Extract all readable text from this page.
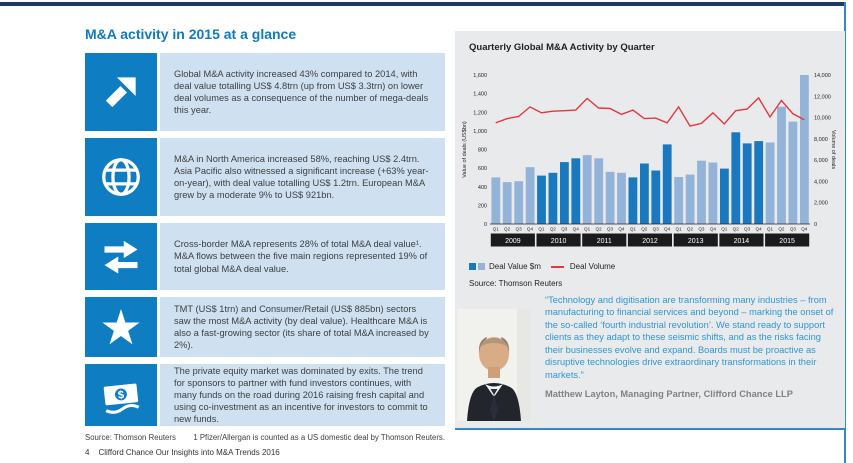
M&A activity in 2015 at a glance
Global M&A activity increased 43% compared to 2014, with deal value totalling US$ 4.8trn (up from US$ 3.3trn) on lower deal volumes as a consequence of the number of mega-deals this year.
M&A in North America increased 58%, reaching US$ 2.4trn. Asia Pacific also witnessed a significant increase (+63% year-on-year), with deal value totalling US$ 1.2trn. European M&A grew by a moderate 9% to US$ 921bn.
Cross-border M&A represents 28% of total M&A deal value¹. M&A flows between the five main regions represented 19% of total global M&A deal value.
TMT (US$ 1trn) and Consumer/Retail (US$ 885bn) sectors saw the most M&A activity (by deal value). Healthcare M&A is also a fast-growing sector (its share of total M&A increased by 2%).
$
The private equity market was dominated by exits. The trend for sponsors to partner with fund investors continues, with many funds on the road during 2016 raising fresh capital and using co-investment as an incentive for investors to commit to new funds.
Source: Thomson Reuters 1 Pfizer/Allergan is counted as a US domestic deal by Thomson Reuters.
4 Clifford Chance Our Insights into M&A Trends 2016
Quarterly Global M&A Activity by Quarter
0
200
400
600
800
1,000
1,200
1,400
1,600
0
2,000
4,000
6,000
8,000
10,000
12,000
14,000
Q1 Q2 Q3 Q4 Q1 Q2 Q3 Q4 Q1 Q2 Q3 Q4 Q1 Q2 Q3 Q4 Q1 Q2 Q3 Q4 Q1 Q2 Q3 Q4 Q1 Q2 Q3 Q4
2009	2010	2011	2012	2013	2014	2015
Value of deals (US$bn)	Volume of deals
Deal Value $m	Deal Volume
Source: Thomson Reuters
“Technology and digitisation are transforming many industries – from manufacturing to financial services and beyond – marking the onset of the so-called ‘fourth industrial revolution’. We stand ready to support clients as they adapt to these seismic shifts, and as the risks facing their businesses evolve and expand. Boards must be proactive as disruptive technologies drive extraordinary transformations in their markets.”
Matthew Layton, Managing Partner, Clifford Chance LLP
